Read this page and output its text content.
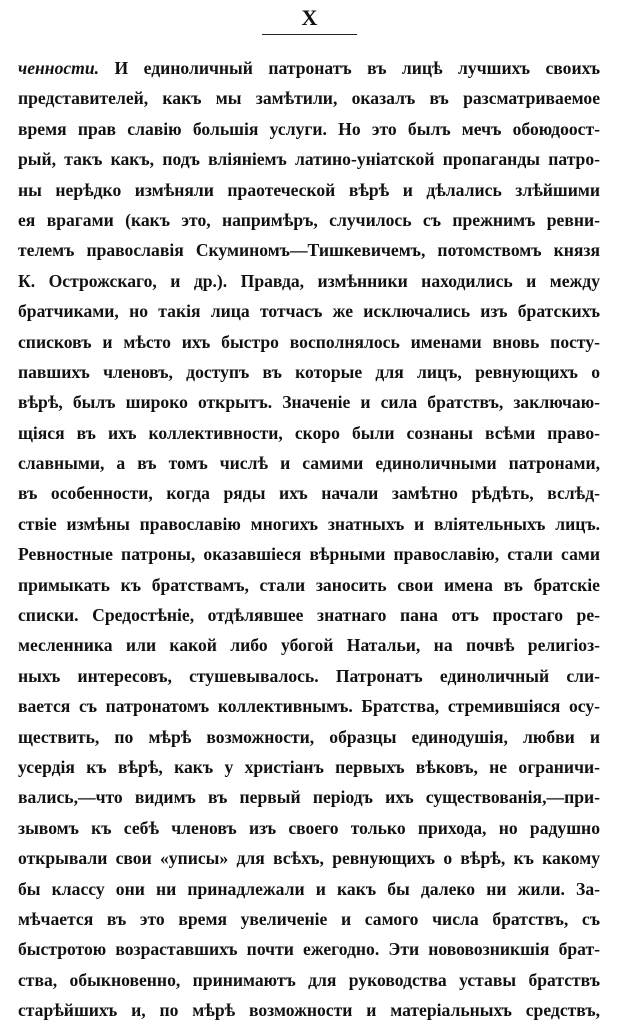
X
ченности. И единоличный патронатъ въ лицѣ лучшихъ своихъ
представителей, какъ мы замѣтили, оказалъ въ разсматриваемое
время прав славію большія услуги. Но это былъ мечъ обоюдоост-
рый, такъ какъ, подъ вліяніемъ латино-уніатской пропаганды патро-
ны нерѣдко измѣняли праотеческой вѣрѣ и дѣлались злѣйшими
ея врагами (какъ это, напримѣръ, случилось съ прежнимъ ревни-
телемъ православія Скуминомъ—Тишкевичемъ, потомствомъ князя
К. Острожскаго, и др.). Правда, измѣнники находились и между
братчиками, но такія лица тотчасъ же исключались изъ братскихъ
списковъ и мѣсто ихъ быстро восполнялось именами вновь посту-
павшихъ членовъ, доступъ въ которые для лицъ, ревнующихъ о
вѣрѣ, былъ широко открытъ. Значеніе и сила братствъ, заключаю-
щіяся въ ихъ коллективности, скоро были сознаны всѣми право-
славными, а въ томъ числѣ и самими единоличными патронами,
въ особенности, когда ряды ихъ начали замѣтно рѣдѣть, вслѣд-
ствіе измѣны православію многихъ знатныхъ и вліятельныхъ лицъ.
Ревностные патроны, оказавшіеся вѣрными православію, стали сами
примыкать къ братствамъ, стали заносить свои имена въ братскіе
списки. Средостѣніе, отдѣлявшее знатнаго пана отъ простаго ре-
месленника или какой либо убогой Натальи, на почвѣ религіоз-
ныхъ интересовъ, стушевывалось. Патронатъ единоличный сли-
вается съ патронатомъ коллективнымъ. Братства, стремившіяся осу-
ществить, по мѣрѣ возможности, образцы единодушія, любви и
усердія къ вѣрѣ, какъ у христіанъ первыхъ вѣковъ, не ограничи-
вались,—что видимъ въ первый періодъ ихъ существованія,—при-
зывомъ къ себѣ членовъ изъ своего только прихода, но радушно
открывали свои «уписы» для всѣхъ, ревнующихъ о вѣрѣ, къ какому
бы классу они ни принадлежали и какъ бы далеко ни жили. За-
мѣчается въ это время увеличеніе и самого числа братствъ, съ
быстротою возраставшихъ почти ежегодно. Эти нововозникшія брат-
ства, обыкновенно, принимаютъ для руководства уставы братствъ
старѣйшихъ и, по мѣрѣ возможности и матеріальныхъ средствъ,
